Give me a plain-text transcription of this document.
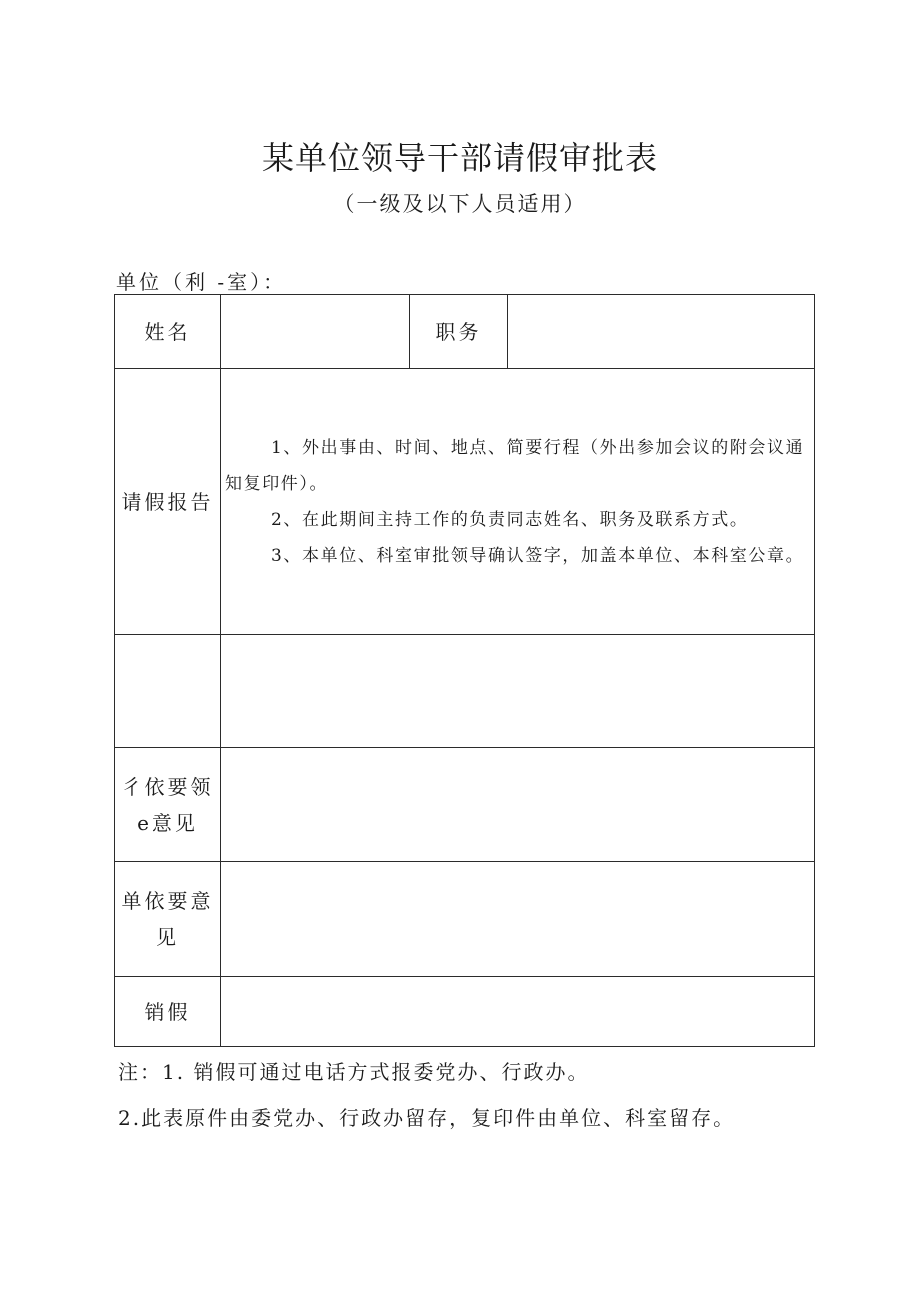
某单位领导干部请假审批表
（一级及以下人员适用）
单位（利 -室）：
姓名		职务	
请假报告	1、外出事由、时间、地点、简要行程（外出参加会议的附会议通知复印件）。

2、在此期间主持工作的负责同志姓名、职务及联系方式。

3、本单位、科室审批领导确认签字，加盖本单位、本科室公章。		

彳依要领
e意见			

单依要意
见			

销假			
注：1. 销假可通过电话方式报委党办、行政办。
2.此表原件由委党办、行政办留存，复印件由单位、科室留存。
